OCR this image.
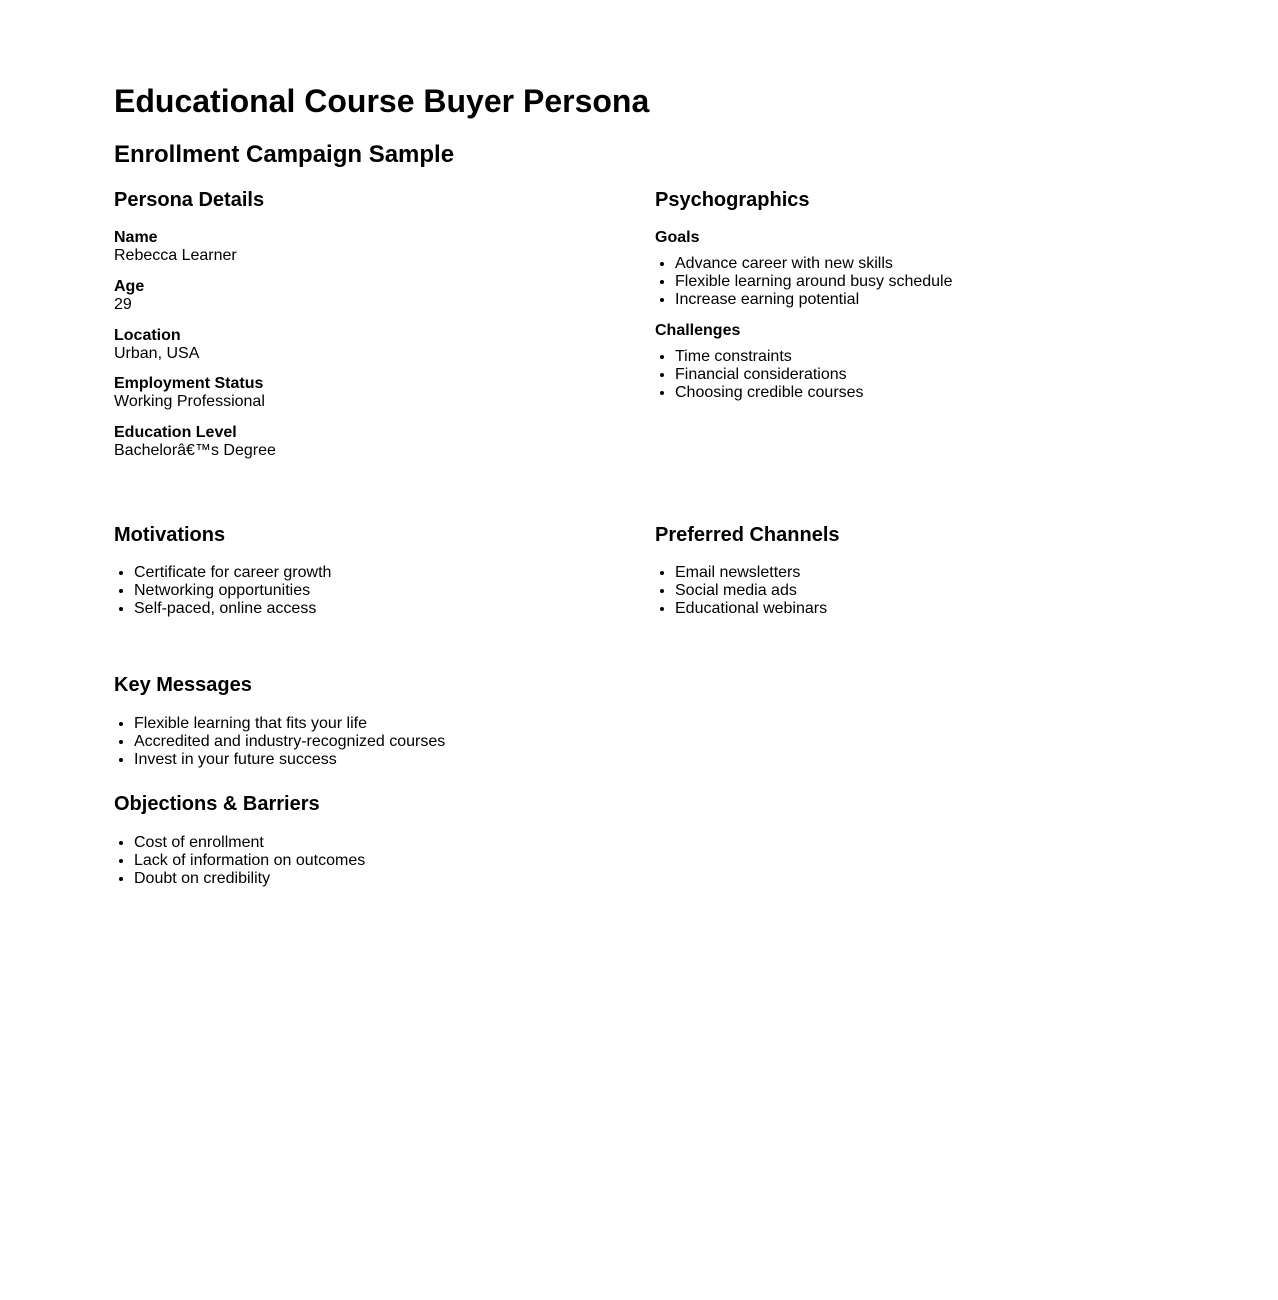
Educational Course Buyer Persona
Enrollment Campaign Sample
Persona Details
Name
Rebecca Learner
Age
29
Location
Urban, USA
Employment Status
Working Professional
Education Level
Bachelorâ€™s Degree
Psychographics
Goals
• Advance career with new skills
• Flexible learning around busy schedule
• Increase earning potential
Challenges
• Time constraints
• Financial considerations
• Choosing credible courses
Motivations
• Certificate for career growth
• Networking opportunities
• Self-paced, online access
Preferred Channels
• Email newsletters
• Social media ads
• Educational webinars
Key Messages
• Flexible learning that fits your life
• Accredited and industry-recognized courses
• Invest in your future success
Objections & Barriers
• Cost of enrollment
• Lack of information on outcomes
• Doubt on credibility
